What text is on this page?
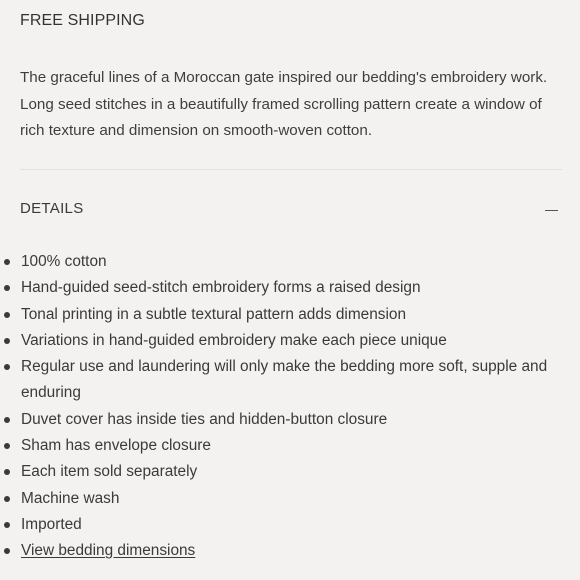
FREE SHIPPING
The graceful lines of a Moroccan gate inspired our bedding's embroidery work. Long seed stitches in a beautifully framed scrolling pattern create a window of rich texture and dimension on smooth-woven cotton.
DETAILS
100% cotton
Hand-guided seed-stitch embroidery forms a raised design
Tonal printing in a subtle textural pattern adds dimension
Variations in hand-guided embroidery make each piece unique
Regular use and laundering will only make the bedding more soft, supple and enduring
Duvet cover has inside ties and hidden-button closure
Sham has envelope closure
Each item sold separately
Machine wash
Imported
View bedding dimensions
